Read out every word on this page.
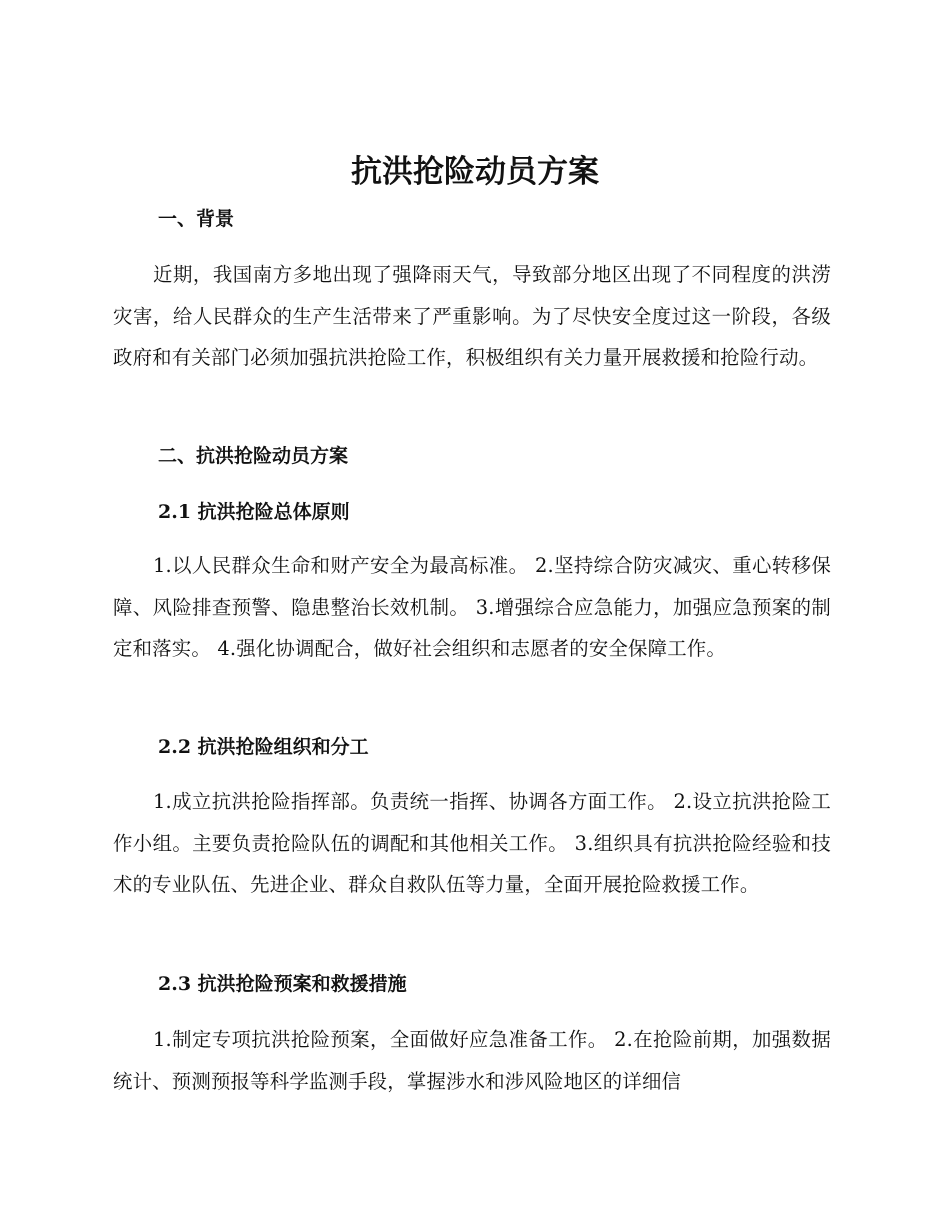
抗洪抢险动员方案
一、背景

近期，我国南方多地出现了强降雨天气，导致部分地区出现了不同程度的洪涝灾害，给人民群众的生产生活带来了严重影响。为了尽快安全度过这一阶段，各级政府和有关部门必须加强抗洪抢险工作，积极组织有关力量开展救援和抢险行动。

二、抗洪抢险动员方案
2.1 抗洪抢险总体原则

1.以人民群众生命和财产安全为最高标准。 2.坚持综合防灾减灾、重心转移保障、风险排查预警、隐患整治长效机制。 3.增强综合应急能力，加强应急预案的制定和落实。 4.强化协调配合，做好社会组织和志愿者的安全保障工作。

2.2 抗洪抢险组织和分工

1.成立抗洪抢险指挥部。负责统一指挥、协调各方面工作。 2.设立抗洪抢险工作小组。主要负责抢险队伍的调配和其他相关工作。 3.组织具有抗洪抢险经验和技术的专业队伍、先进企业、群众自救队伍等力量，全面开展抢险救援工作。

2.3 抗洪抢险预案和救援措施

1.制定专项抗洪抢险预案，全面做好应急准备工作。 2.在抢险前期，加强数据统计、预测预报等科学监测手段，掌握涉水和涉风险地区的详细信
